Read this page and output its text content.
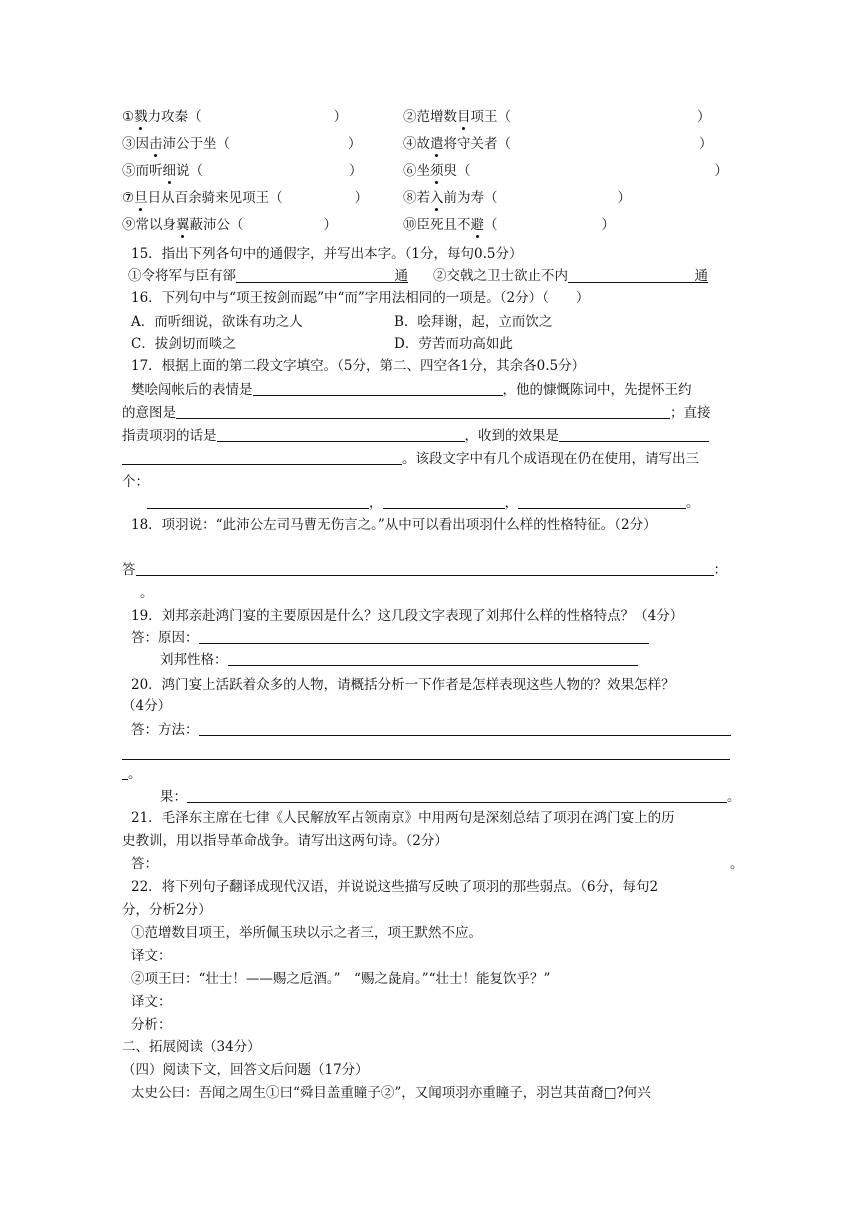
①戮力攻秦（	）	②范增数目项王（	）
③因击沛公于坐（	）	④故遣将守关者（	）
⑤而听细说（	）	⑥坐须臾（	）
⑦旦日从百余骑来见项王（	）	⑧若入前为寿（	）
⑨常以身翼蔽沛公（	）	⑩臣死且不避（	）
15．指出下列各句中的通假字，并写出本字。（1分，每句0.5分）
①令将军与臣有郤	通 ②交戟之卫士欲止不内	通
16．下列句中与“项王按剑而跽”中“而”字用法相同的一项是。（2分）（　　）
A．而听细说，欲诛有功之人	B．哙拜谢，起，立而饮之
C．拔剑切而啖之	D．劳苦而功高如此
17．根据上面的第二段文字填空。（5分，第二、四空各1分，其余各0.5分）
樊哙闯帐后的表情是	，他的慷慨陈词中，先提怀王约
的意图是	；直接
指责项羽的话是	，收到的效果是
。该段文字中有几个成语现在仍在使用，请写出三
个：
，	，	。
18．项羽说：“此沛公左司马曹无伤言之。”从中可以看出项羽什么样的性格特征。（2分）
答	：
。
19．刘邦亲赴鸿门宴的主要原因是什么？这几段文字表现了刘邦什么样的性格特点？（4分）
答：原因：
刘邦性格：
20．鸿门宴上活跃着众多的人物，请概括分析一下作者是怎样表现这些人物的？效果怎样？
（4分）
答：方法：
。
果：	。
21．毛泽东主席在七律《人民解放军占领南京》中用两句是深刻总结了项羽在鸿门宴上的历
史教训，用以指导革命战争。请写出这两句诗。（2分）
答：	。
22．将下列句子翻译成现代汉语，并说说这些描写反映了项羽的那些弱点。（6分，每句2
分，分析2分）
①范增数目项王，举所佩玉玦以示之者三，项王默然不应。
译文：
②项王曰：“壮士！——赐之卮酒。”　“赐之彘肩。”“壮士！能复饮乎？”
译文：
分析：
二、拓展阅读（34分）
（四）阅读下文，回答文后问题（17分）
太史公曰：吾闻之周生①曰“舜目盖重瞳子②”，又闻项羽亦重瞳子，羽岂其苗裔□?何兴
